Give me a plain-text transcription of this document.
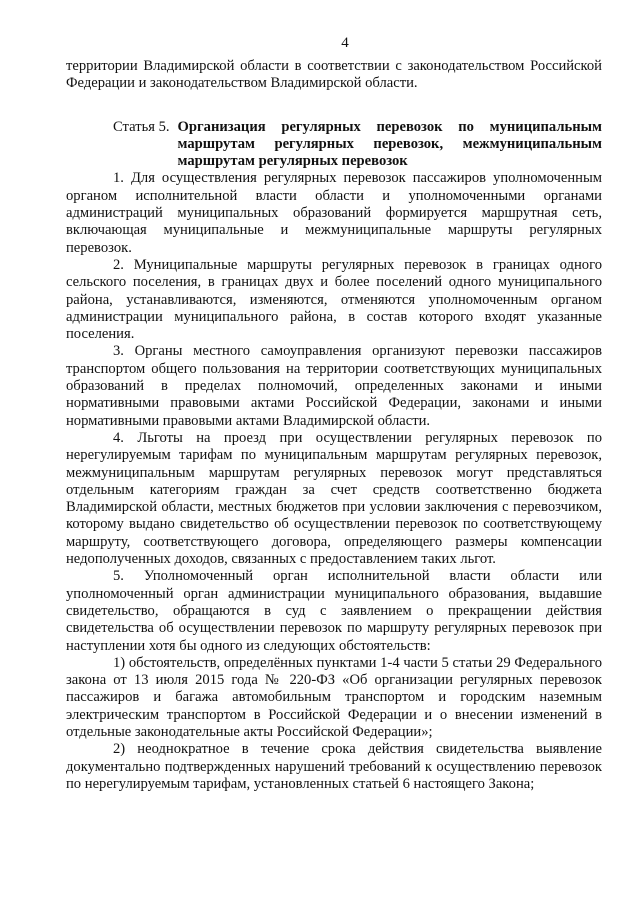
4

территории Владимирской области в соответствии с законодательством Российской Федерации и законодательством Владимирской области.

Статья 5. Организация регулярных перевозок по муниципальным маршрутам регулярных перевозок, межмуниципальным маршрутам регулярных перевозок

1. Для осуществления регулярных перевозок пассажиров уполномоченным органом исполнительной власти области и уполномоченными органами администраций муниципальных образований формируется маршрутная сеть, включающая муниципальные и межмуниципальные маршруты регулярных перевозок.

2. Муниципальные маршруты регулярных перевозок в границах одного сельского поселения, в границах двух и более поселений одного муниципального района, устанавливаются, изменяются, отменяются уполномоченным органом администрации муниципального района, в состав которого входят указанные поселения.

3. Органы местного самоуправления организуют перевозки пассажиров транспортом общего пользования на территории соответствующих муниципальных образований в пределах полномочий, определенных законами и иными нормативными правовыми актами Российской Федерации, законами и иными нормативными правовыми актами Владимирской области.

4. Льготы на проезд при осуществлении регулярных перевозок по нерегулируемым тарифам по муниципальным маршрутам регулярных перевозок, межмуниципальным маршрутам регулярных перевозок могут представляться отдельным категориям граждан за счет средств соответственно бюджета Владимирской области, местных бюджетов при условии заключения с перевозчиком, которому выдано свидетельство об осуществлении перевозок по соответствующему маршруту, соответствующего договора, определяющего размеры компенсации недополученных доходов, связанных с предоставлением таких льгот.

5. Уполномоченный орган исполнительной власти области или уполномоченный орган администрации муниципального образования, выдавшие свидетельство, обращаются в суд с заявлением о прекращении действия свидетельства об осуществлении перевозок по маршруту регулярных перевозок при наступлении хотя бы одного из следующих обстоятельств:

1) обстоятельств, определённых пунктами 1-4 части 5 статьи 29 Федерального закона от 13 июля 2015 года № 220-ФЗ «Об организации регулярных перевозок пассажиров и багажа автомобильным транспортом и городским наземным электрическим транспортом в Российской Федерации и о внесении изменений в отдельные законодательные акты Российской Федерации»;

2) неоднократное в течение срока действия свидетельства выявление документально подтвержденных нарушений требований к осуществлению перевозок по нерегулируемым тарифам, установленных статьей 6 настоящего Закона;
